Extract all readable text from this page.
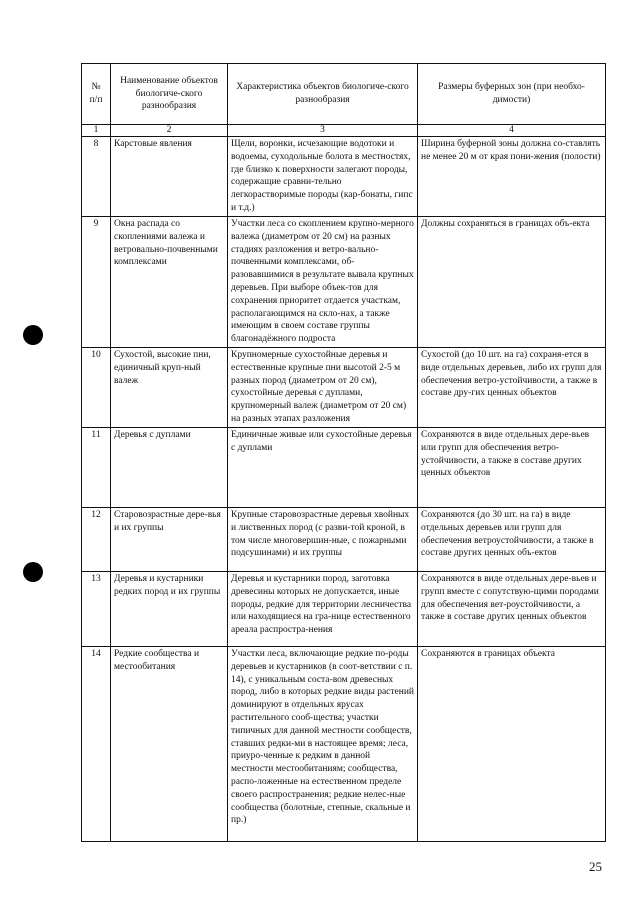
№ п/п	Наименование объектов биологиче-ского разнообразия	Характеристика объектов биологиче-ского разнообразия	Размеры буферных зон (при необхо-димости)
1	2	3	4
8	Карстовые явления	Щели, воронки, исчезающие водотоки и водоемы, суходольные болота в местностях, где близко к поверхности залегают породы, содержащие сравни-тельно легкорастворимые породы (кар-бонаты, гипс и т.д.)	Ширина буферной зоны должна со-ставлять не менее 20 м от края пони-жения (полости)
9	Окна распада со скоплениями валежа и ветровально-почвенными комплексами	Участки леса со скоплением крупно-мерного валежа (диаметром от 20 см) на разных стадиях разложения и ветро-вально-почвенными комплексами, об-разовавшимися в результате вывала крупных деревьев. При выборе объек-тов для сохранения приоритет отдается участкам, располагающимся на скло-нах, а также имеющим в своем составе группы благонадёжного подроста	Должны сохраняться в границах объ-екта
10	Сухостой, высокие пни, единичный круп-ный валеж	Крупномерные сухостойные деревья и естественные крупные пни высотой 2-5 м разных пород (диаметром от 20 см), сухостойные деревья с дуплами, крупномерный валеж (диаметром от 20 см) на разных этапах разложения	Сухостой (до 10 шт. на га) сохраня-ется в виде отдельных деревьев, либо их групп для обеспечения ветро-устойчивости, а также в составе дру-гих ценных объектов
11	Деревья с дуплами	Единичные живые или сухостойные деревья с дуплами	Сохраняются в виде отдельных дере-вьев или групп для обеспечения ветро-устойчивости, а также в составе других ценных объектов
12	Старовозрастные дере-вья и их группы	Крупные старовозрастные деревья хвойных и лиственных пород (с разви-той кроной, в том числе многовершин-ные, с пожарными подсушинами) и их группы	Сохраняются (до 30 шт. на га) в виде отдельных деревьев или групп для обеспечения ветроустойчивости, а также в составе других ценных объ-ектов
13	Деревья и кустарники редких пород и их группы	Деревья и кустарники пород, заготовка древесины которых не допускается, иные породы, редкие для территории лесничества или находящиеся на гра-нице естественного ареала распростра-нения	Сохраняются в виде отдельных дере-вьев и групп вместе с сопутствую-щими породами для обеспечения вет-роустойчивости, а также в составе других ценных объектов
14	Редкие сообщества и местообитания	Участки леса, включающие редкие по-роды деревьев и кустарников (в соот-ветствии с п. 14), с уникальным соста-вом древесных пород, либо в которых редкие виды растений доминируют в отдельных ярусах растительного сооб-щества; участки типичных для данной местности сообществ, ставших редки-ми в настоящее время; леса, приуро-ченные к редким в данной местности местообитаниям; сообщества, распо-ложенные на естественном пределе своего распространения; редкие нелес-ные сообщества (болотные, степные, скальные и пр.)	Сохраняются в границах объекта
25
